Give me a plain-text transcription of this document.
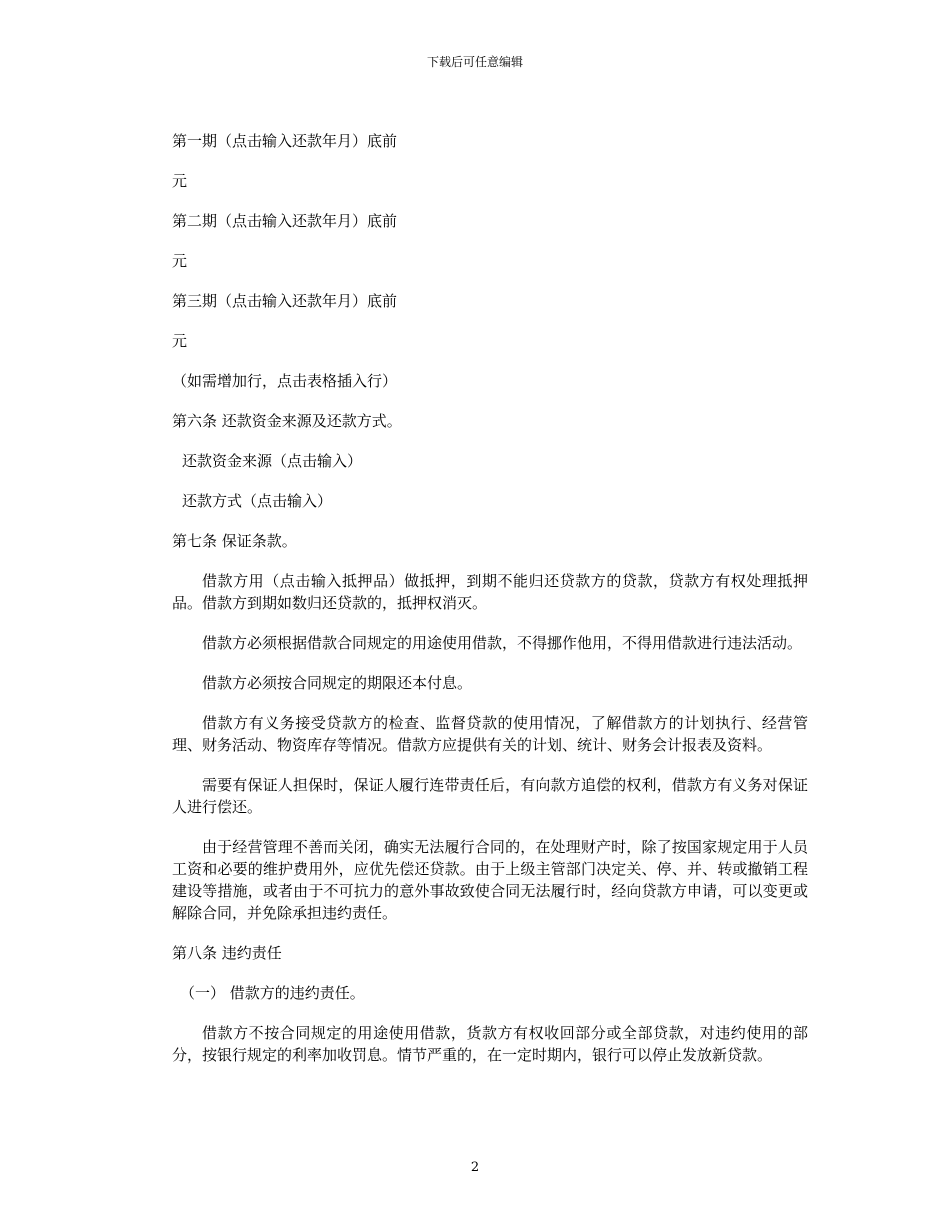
下载后可任意编辑

第一期（点击输入还款年月）底前

元

第二期（点击输入还款年月）底前

元

第三期（点击输入还款年月）底前

元

（如需增加行，点击表格插入行）

第六条 还款资金来源及还款方式。

还款资金来源（点击输入）

还款方式（点击输入）

第七条 保证条款。

借款方用（点击输入抵押品）做抵押，到期不能归还贷款方的贷款，贷款方有权处理抵押品。借款方到期如数归还贷款的，抵押权消灭。

借款方必须根据借款合同规定的用途使用借款，不得挪作他用，不得用借款进行违法活动。

借款方必须按合同规定的期限还本付息。

借款方有义务接受贷款方的检查、监督贷款的使用情况，了解借款方的计划执行、经营管理、财务活动、物资库存等情况。借款方应提供有关的计划、统计、财务会计报表及资料。

需要有保证人担保时，保证人履行连带责任后，有向款方追偿的权利，借款方有义务对保证人进行偿还。

由于经营管理不善而关闭，确实无法履行合同的，在处理财产时，除了按国家规定用于人员工资和必要的维护费用外，应优先偿还贷款。由于上级主管部门决定关、停、并、转或撤销工程建设等措施，或者由于不可抗力的意外事故致使合同无法履行时，经向贷款方申请，可以变更或解除合同，并免除承担违约责任。

第八条 违约责任

（一） 借款方的违约责任。

借款方不按合同规定的用途使用借款，货款方有权收回部分或全部贷款，对违约使用的部分，按银行规定的利率加收罚息。情节严重的，在一定时期内，银行可以停止发放新贷款。

2
